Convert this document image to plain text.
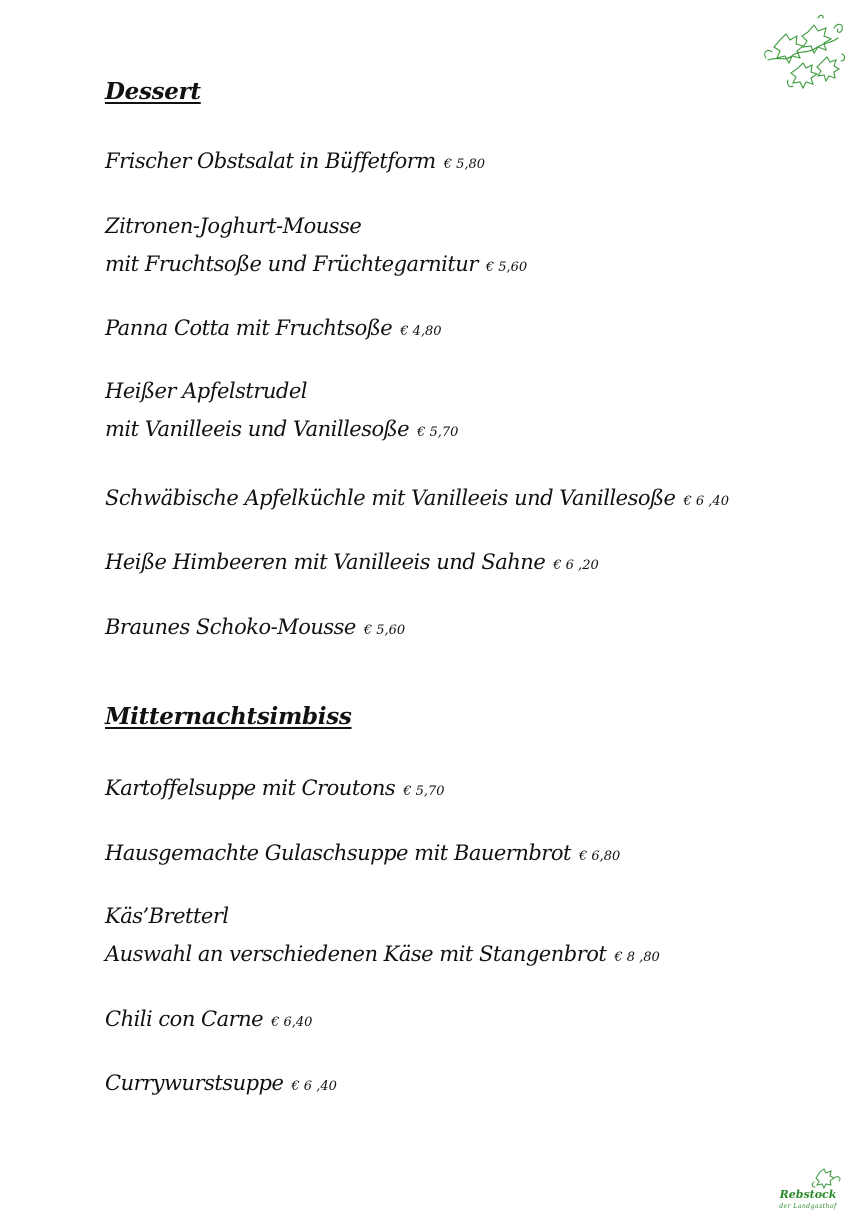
Dessert

Frischer Obstsalat in Büffetform € 5,80

Zitronen-Joghurt-Mousse
mit Fruchtsoße und Früchtegarnitur € 5,60

Panna Cotta mit Fruchtsoße € 4,80

Heißer Apfelstrudel
mit Vanilleeis und Vanillesoße € 5,70

Schwäbische Apfelküchle mit Vanilleeis und Vanillesoße € 6 ,40

Heiße Himbeeren mit Vanilleeis und Sahne € 6 ,20

Braunes Schoko-Mousse € 5,60

Mitternachtsimbiss

Kartoffelsuppe mit Croutons € 5,70

Hausgemachte Gulaschsuppe mit Bauernbrot € 6,80

Käs’Bretterl
Auswahl an verschiedenen Käse mit Stangenbrot € 8 ,80

Chili con Carne € 6,40

Currywurstsuppe € 6 ,40

Rebstock
der Landgasthof
